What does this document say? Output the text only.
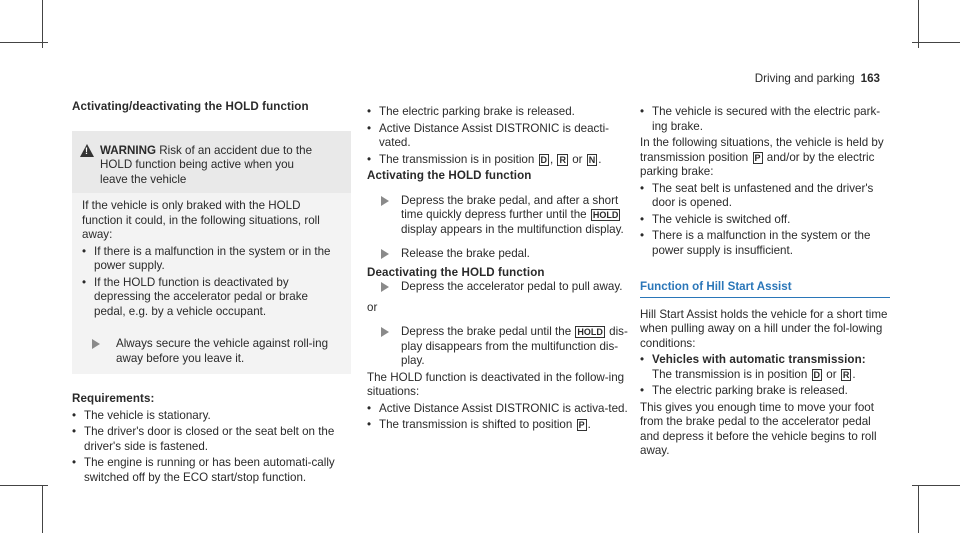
Driving and parking 163
Activating/deactivating the HOLD function
!
WARNING Risk of an accident due to the
HOLD function being active when you
leave the vehicle
If the vehicle is only braked with the HOLD function it could, in the following situations, roll away:
• If there is a malfunction in the system or in the power supply.
• If the HOLD function is deactivated by depressing the accelerator pedal or brake pedal, e.g. by a vehicle occupant.
Always secure the vehicle against roll-ing away before you leave it.
Requirements:
• The vehicle is stationary.
• The driver's door is closed or the seat belt on the driver's side is fastened.
• The engine is running or has been automati-cally switched off by the ECO start/stop function.
• The electric parking brake is released.
• Active Distance Assist DISTRONIC is deacti-vated.
• The transmission is in position D , R or N .
Activating the HOLD function
Depress the brake pedal, and after a short time quickly depress further until the HOLD display appears in the multifunction display.
Release the brake pedal.
Deactivating the HOLD function
Depress the accelerator pedal to pull away.
or
Depress the brake pedal until the HOLD dis-play disappears from the multifunction dis-play.
The HOLD function is deactivated in the follow-ing situations:
• Active Distance Assist DISTRONIC is activa-ted.
• The transmission is shifted to position P .
• The vehicle is secured with the electric park-ing brake.
In the following situations, the vehicle is held by transmission position P and/or by the electric parking brake:
• The seat belt is unfastened and the driver's door is opened.
• The vehicle is switched off.
• There is a malfunction in the system or the power supply is insufficient.
Function of Hill Start Assist
Hill Start Assist holds the vehicle for a short time when pulling away on a hill under the fol-lowing conditions:
• Vehicles with automatic transmission:
The transmission is in position D or R .
• The electric parking brake is released.
This gives you enough time to move your foot from the brake pedal to the accelerator pedal and depress it before the vehicle begins to roll away.
